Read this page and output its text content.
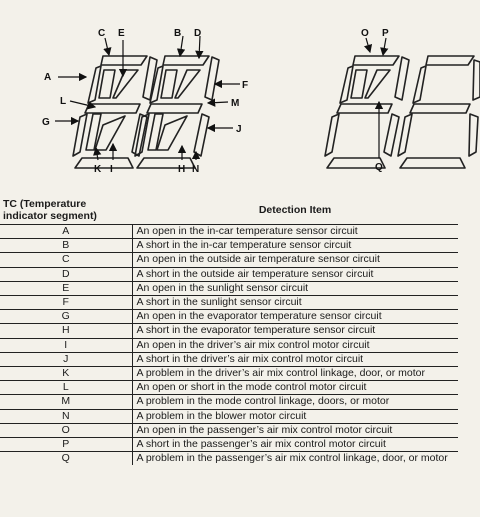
A
B
C	D
E
F
G
H
I
J
K
L	M
N
O P
Q
TC (Temperature indicator segment)	Detection Item
A	An open in the in-car temperature sensor circuit
B	A short in the in-car temperature sensor circuit
C	An open in the outside air temperature sensor circuit
D	A short in the outside air temperature sensor circuit
E	An open in the sunlight sensor circuit
F	A short in the sunlight sensor circuit
G	An open in the evaporator temperature sensor circuit
H	A short in the evaporator temperature sensor circuit
I	An open in the driver’s air mix control motor circuit
J	A short in the driver’s air mix control motor circuit
K	A problem in the driver’s air mix control linkage, door, or motor
L	An open or short in the mode control motor circuit
M	A problem in the mode control linkage, doors, or motor
N	A problem in the blower motor circuit
O	An open in the passenger’s air mix control motor circuit
P	A short in the passenger’s air mix control motor circuit
Q	A problem in the passenger’s air mix control linkage, door, or motor
